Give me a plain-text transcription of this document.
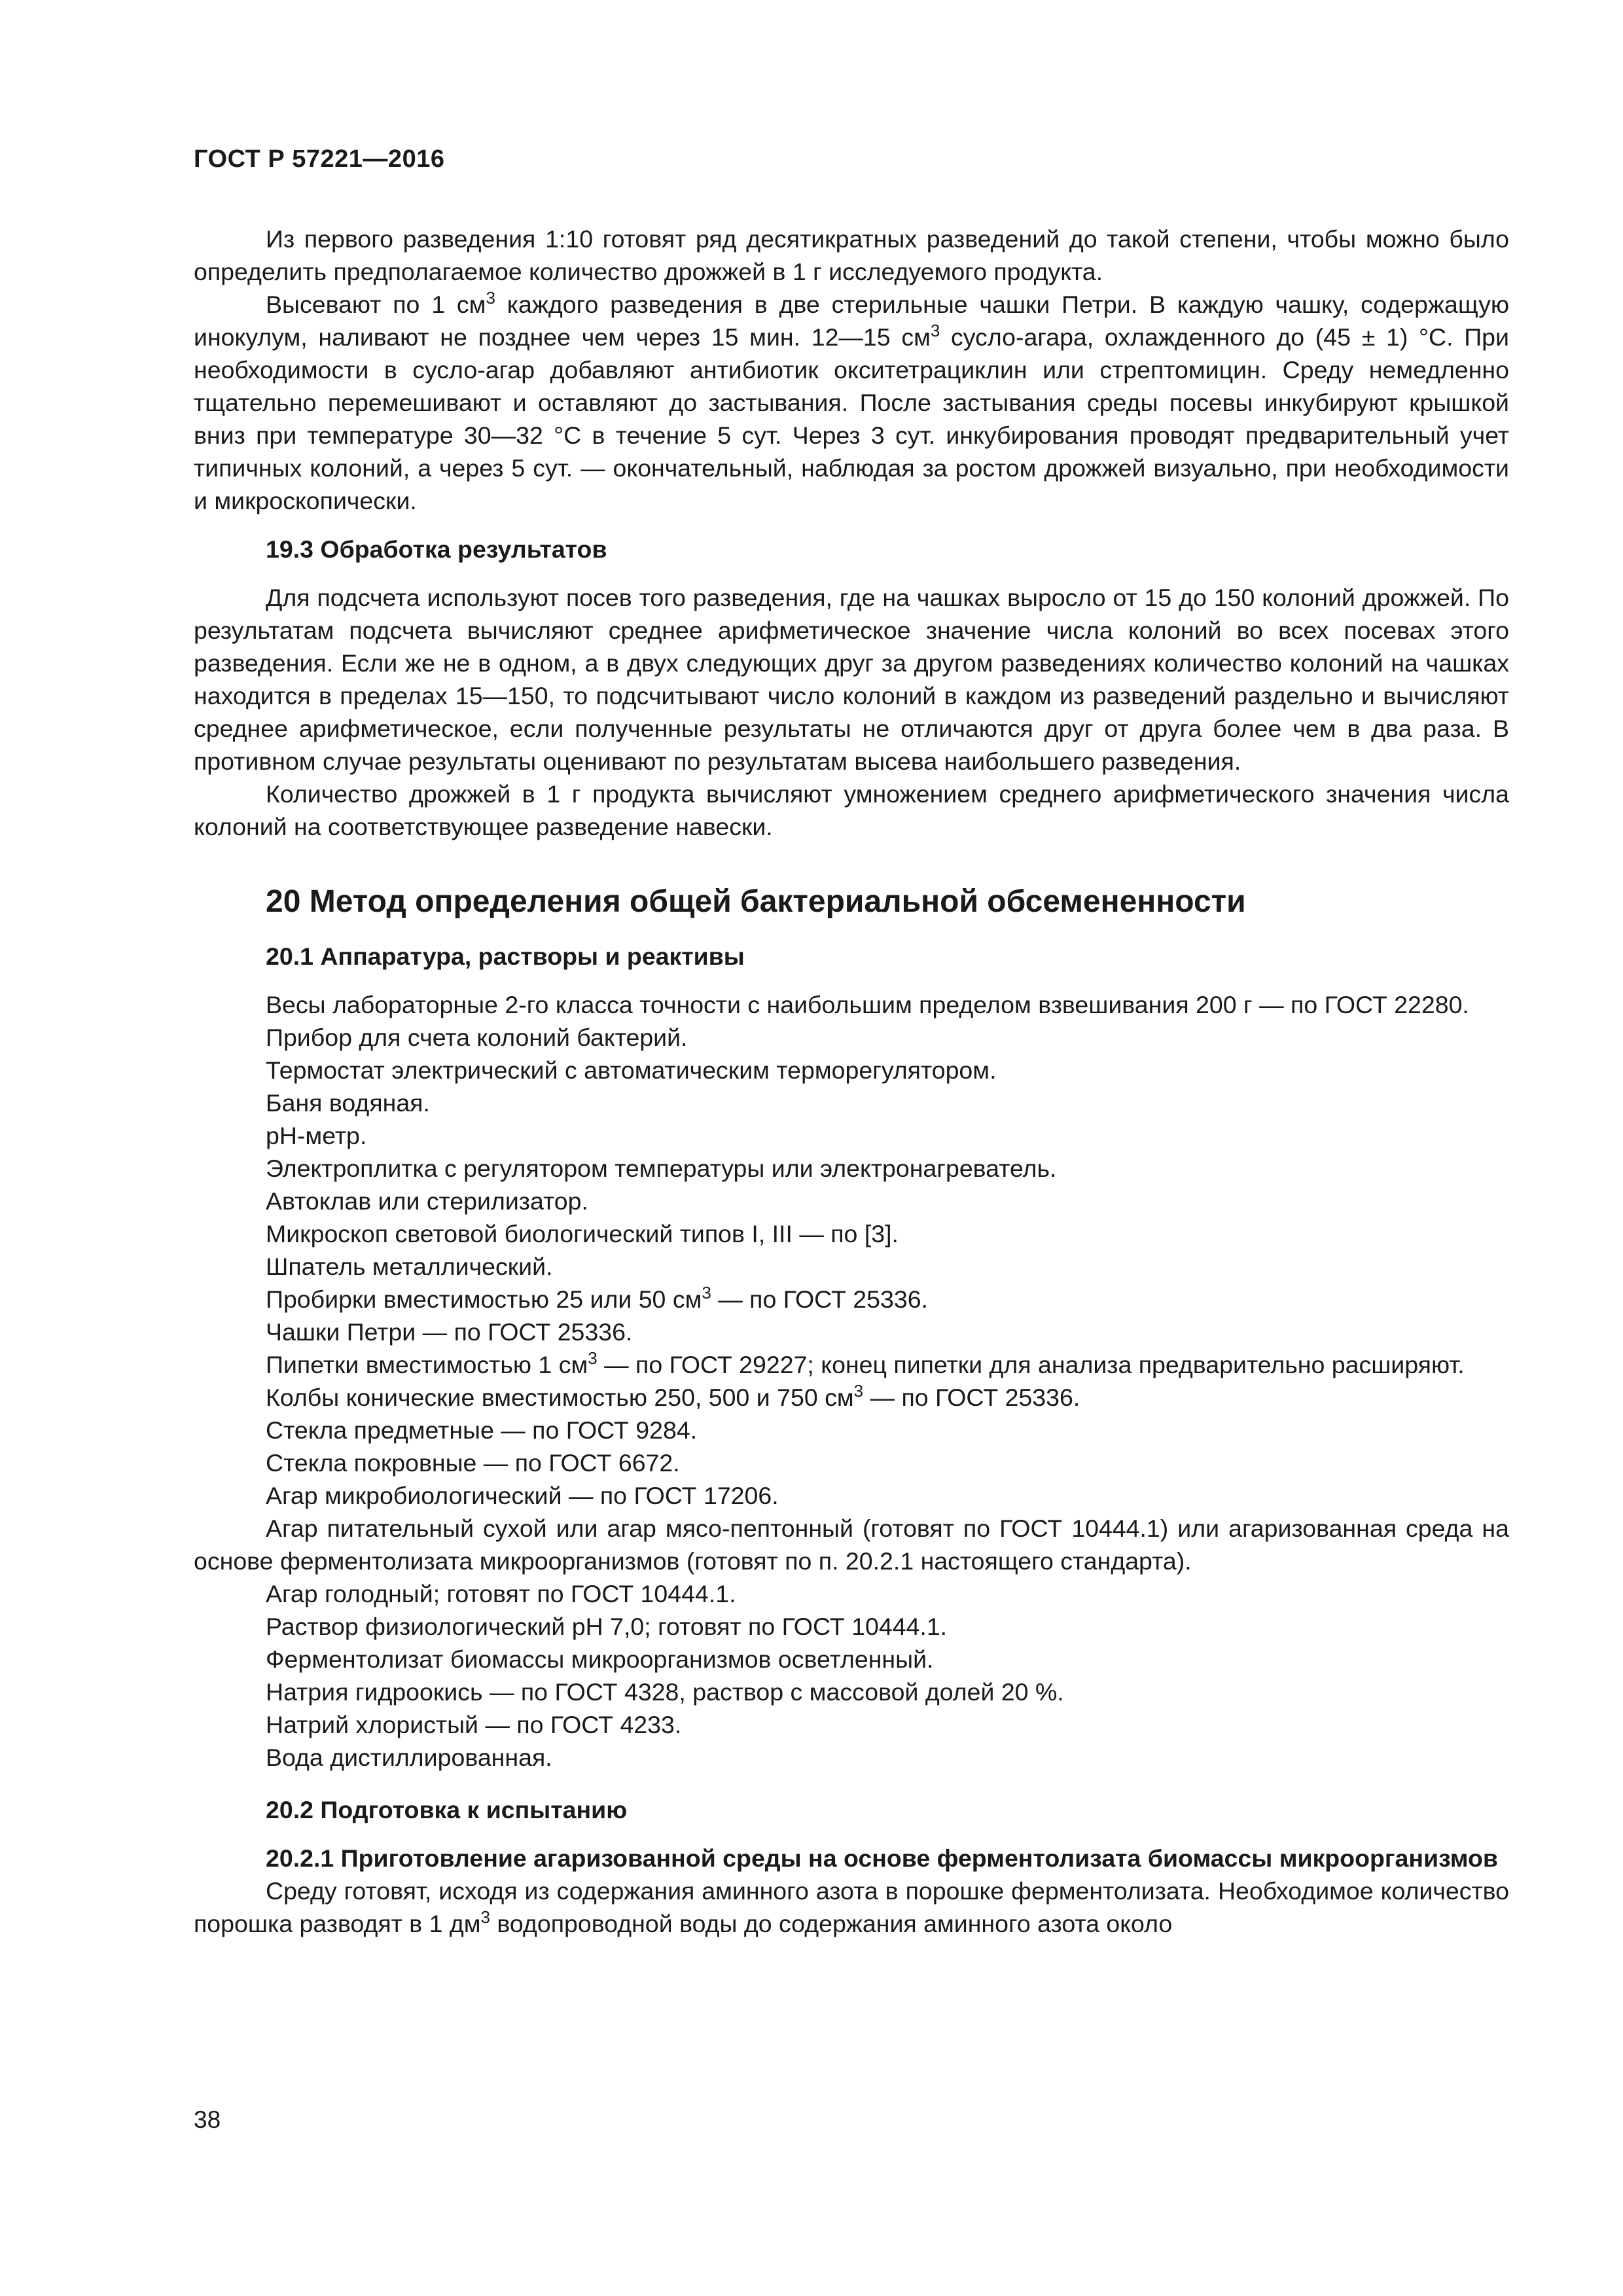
ГОСТ Р 57221—2016

Из первого разведения 1:10 готовят ряд десятикратных разведений до такой степени, чтобы можно было определить предполагаемое количество дрожжей в 1 г исследуемого продукта.

Высевают по 1 $см^3$ каждого разведения в две стерильные чашки Петри. В каждую чашку, содержащую инокулум, наливают не позднее чем через 15 мин. 12—15 $см^3$ сусло-агара, охлажденного до (45 ± 1) °С. При необходимости в сусло-агар добавляют антибиотик окситетрациклин или стрептомицин. Среду немедленно тщательно перемешивают и оставляют до застывания. После застывания среды посевы инкубируют крышкой вниз при температуре 30—32 °С в течение 5 сут. Через 3 сут. инкубирования проводят предварительный учет типичных колоний, а через 5 сут. — окончательный, наблюдая за ростом дрожжей визуально, при необходимости и микроскопически.

19.3 Обработка результатов

Для подсчета используют посев того разведения, где на чашках выросло от 15 до 150 колоний дрожжей. По результатам подсчета вычисляют среднее арифметическое значение числа колоний во всех посевах этого разведения. Если же не в одном, а в двух следующих друг за другом разведениях количество колоний на чашках находится в пределах 15—150, то подсчитывают число колоний в каждом из разведений раздельно и вычисляют среднее арифметическое, если полученные результаты не отличаются друг от друга более чем в два раза. В противном случае результаты оценивают по результатам высева наибольшего разведения.

Количество дрожжей в 1 г продукта вычисляют умножением среднего арифметического значения числа колоний на соответствующее разведение навески.

20 Метод определения общей бактериальной обсемененности
20.1 Аппаратура, растворы и реактивы

Весы лабораторные 2-го класса точности с наибольшим пределом взвешивания 200 г — по ГОСТ 22280.

Прибор для счета колоний бактерий.

Термостат электрический с автоматическим терморегулятором.

Баня водяная.

pH-метр.

Электроплитка с регулятором температуры или электронагреватель.

Автоклав или стерилизатор.

Микроскоп световой биологический типов I, III — по [3].

Шпатель металлический.

Пробирки вместимостью 25 или 50 $см^3$ — по ГОСТ 25336.

Чашки Петри — по ГОСТ 25336.

Пипетки вместимостью 1 $см^3$ — по ГОСТ 29227; конец пипетки для анализа предварительно расширяют.

Колбы конические вместимостью 250, 500 и 750 $см^3$ — по ГОСТ 25336.

Стекла предметные — по ГОСТ 9284.

Стекла покровные — по ГОСТ 6672.

Агар микробиологический — по ГОСТ 17206.

Агар питательный сухой или агар мясо-пептонный (готовят по ГОСТ 10444.1) или агаризованная среда на основе ферментолизата микроорганизмов (готовят по п. 20.2.1 настоящего стандарта).

Агар голодный; готовят по ГОСТ 10444.1.

Раствор физиологический pH 7,0; готовят по ГОСТ 10444.1.

Ферментолизат биомассы микроорганизмов осветленный.

Натрия гидроокись — по ГОСТ 4328, раствор с массовой долей 20 %.

Натрий хлористый — по ГОСТ 4233.

Вода дистиллированная.

20.2 Подготовка к испытанию
20.2.1 Приготовление агаризованной среды на основе ферментолизата биомассы микроорганизмов

Среду готовят, исходя из содержания аминного азота в порошке ферментолизата. Необходимое количество порошка разводят в 1 $дм^3$ водопроводной воды до содержания аминного азота около

38
